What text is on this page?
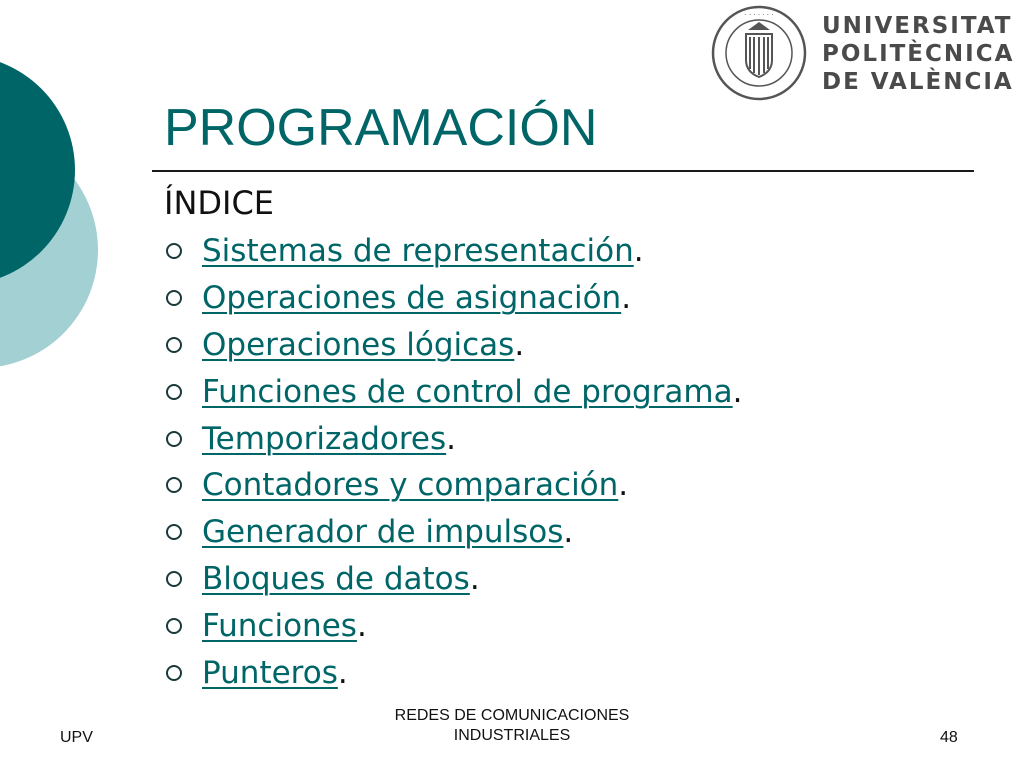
· · · · · · · UNIVERSITAT
POLITÈCNICA
DE VALÈNCIA
PROGRAMACIÓN
ÍNDICE
Sistemas de representación .
Operaciones de asignación .
Operaciones lógicas .
Funciones de control de programa .
Temporizadores .
Contadores y comparación .
Generador de impulsos .
Bloques de datos .
Funciones .
Punteros .
UPV
REDES DE COMUNICACIONES
INDUSTRIALES	48
